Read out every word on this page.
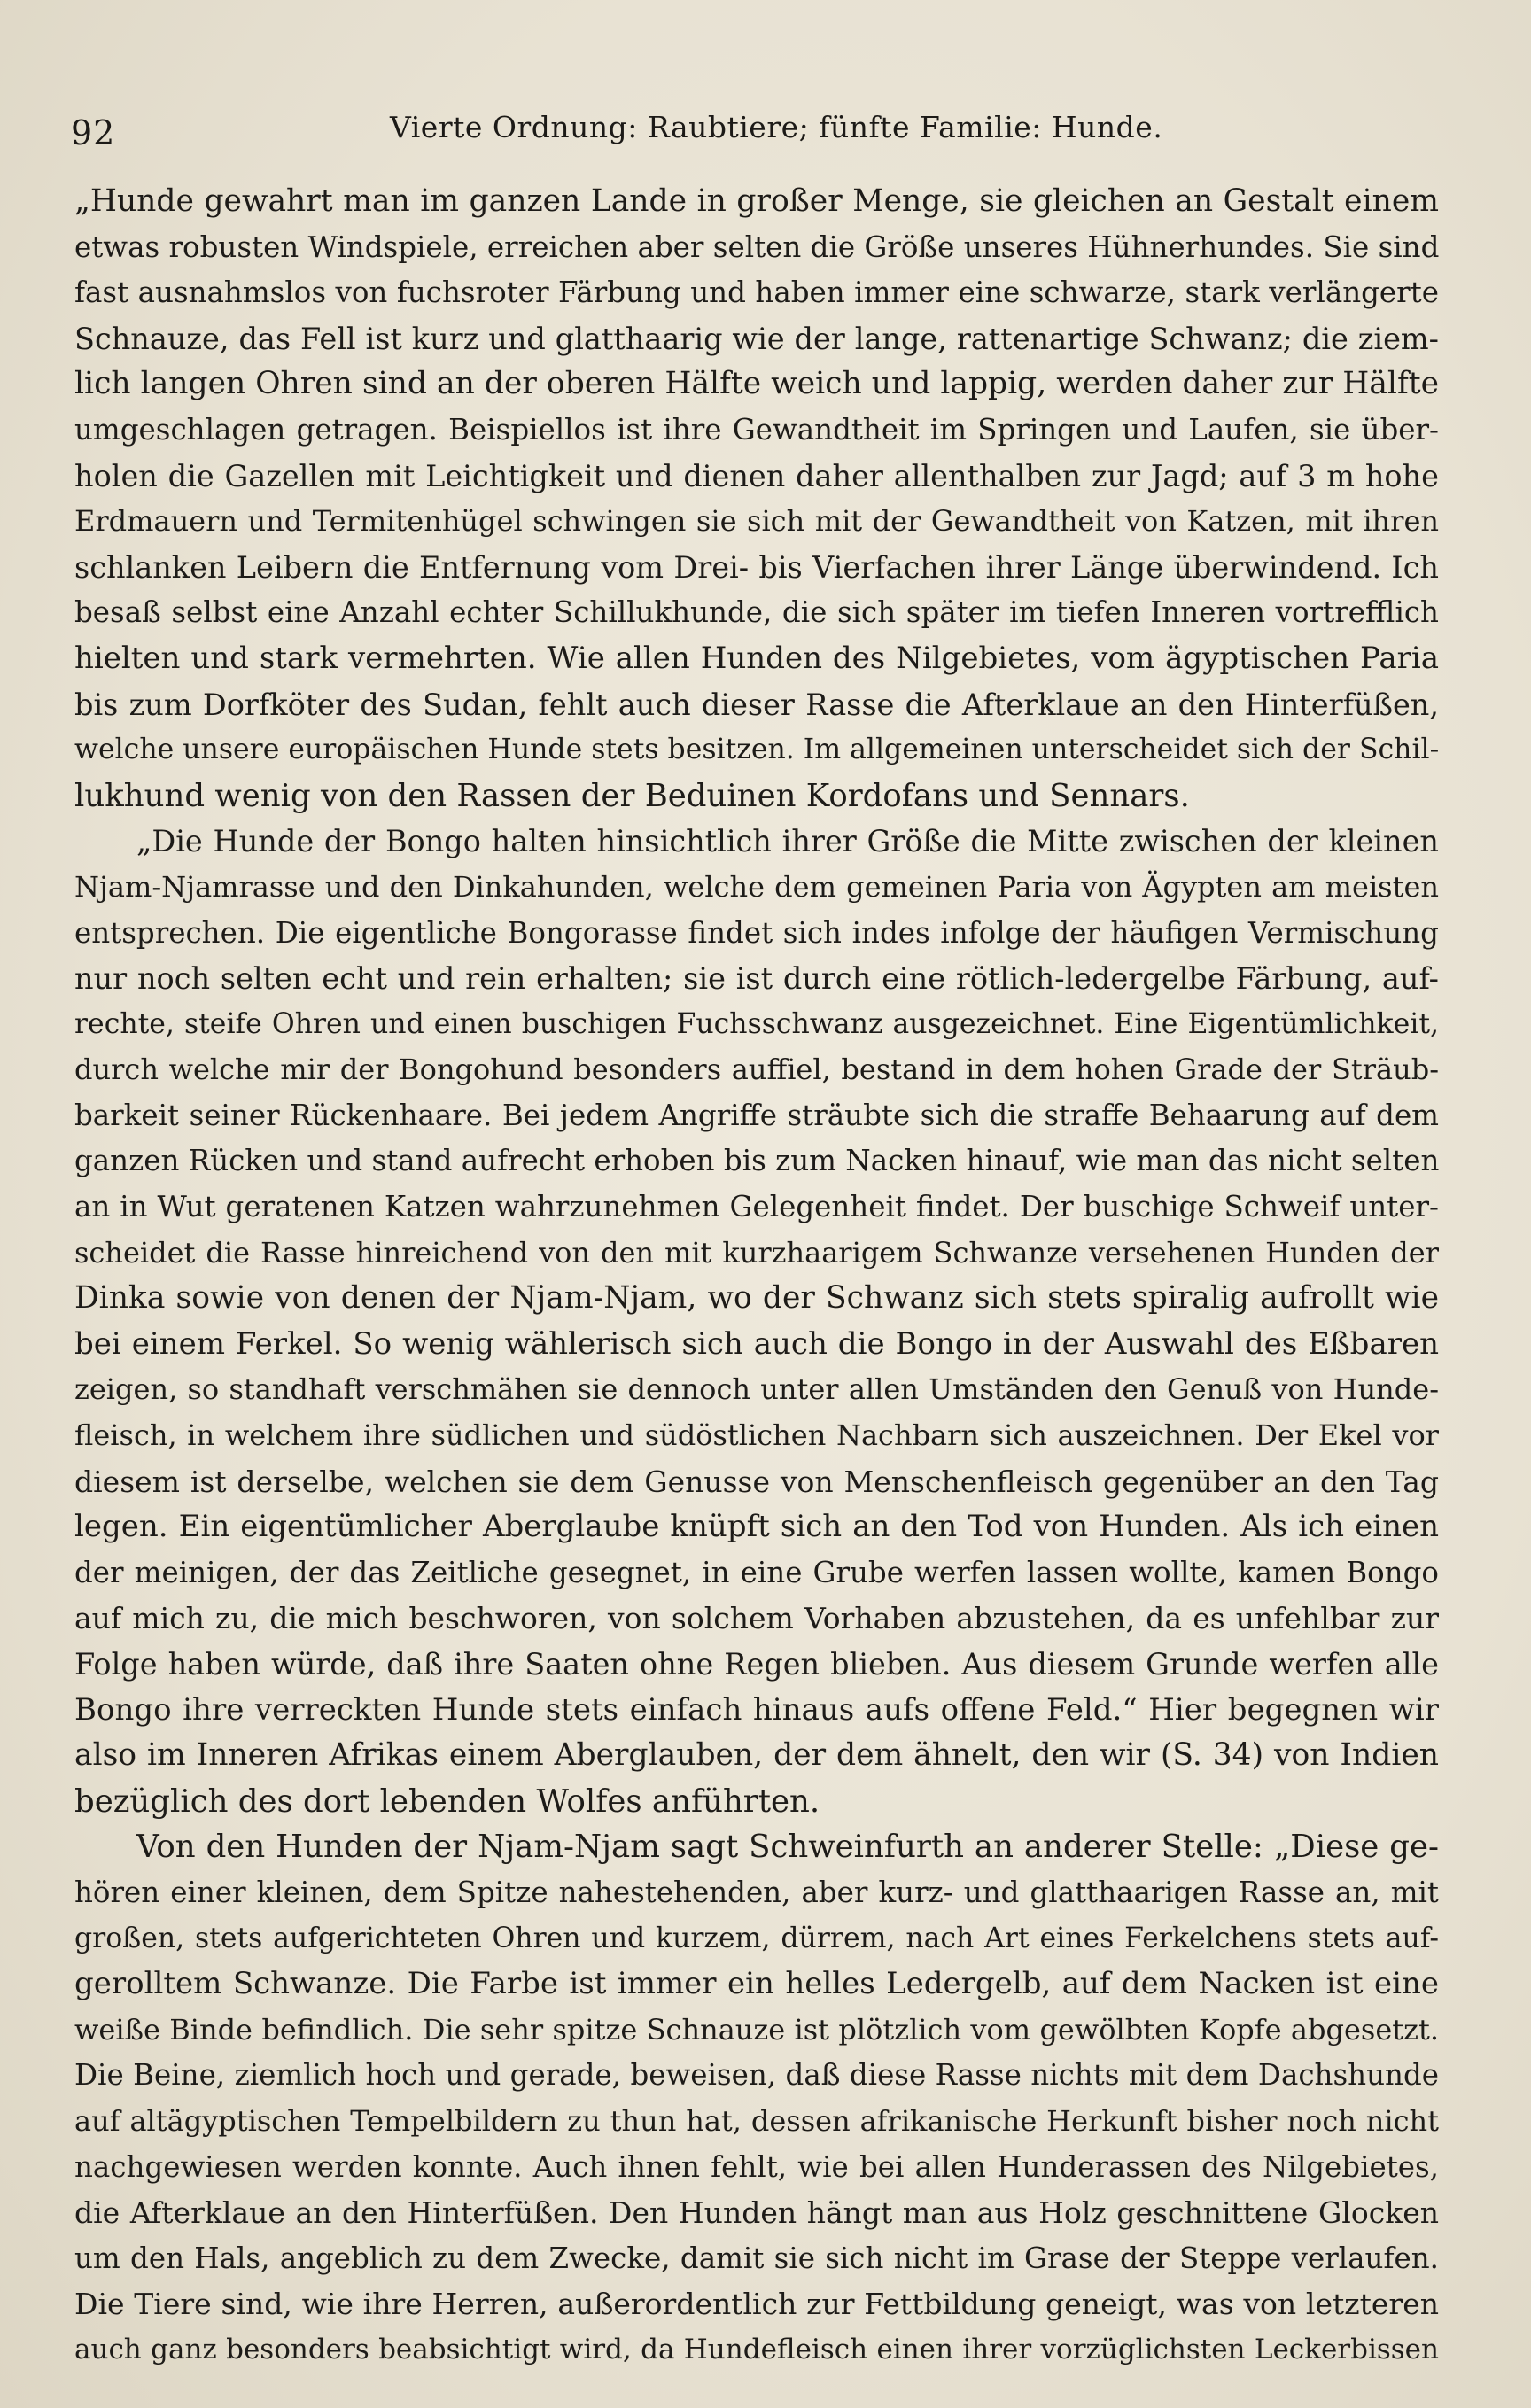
92	Vierte Ordnung: Raubtiere; fünfte Familie: Hunde.

„Hunde gewahrt man im ganzen Lande in großer Menge, sie gleichen an Gestalt einem
etwas robusten Windspiele, erreichen aber selten die Größe unseres Hühnerhundes. Sie sind
fast ausnahmslos von fuchsroter Färbung und haben immer eine schwarze, stark verlängerte
Schnauze, das Fell ist kurz und glatthaarig wie der lange, rattenartige Schwanz; die ziem-
lich langen Ohren sind an der oberen Hälfte weich und lappig, werden daher zur Hälfte
umgeschlagen getragen. Beispiellos ist ihre Gewandtheit im Springen und Laufen, sie über-
holen die Gazellen mit Leichtigkeit und dienen daher allenthalben zur Jagd; auf 3 m hohe
Erdmauern und Termitenhügel schwingen sie sich mit der Gewandtheit von Katzen, mit ihren
schlanken Leibern die Entfernung vom Drei- bis Vierfachen ihrer Länge überwindend. Ich
besaß selbst eine Anzahl echter Schillukhunde, die sich später im tiefen Inneren vortrefflich
hielten und stark vermehrten. Wie allen Hunden des Nilgebietes, vom ägyptischen Paria
bis zum Dorfköter des Sudan, fehlt auch dieser Rasse die Afterklaue an den Hinterfüßen,
welche unsere europäischen Hunde stets besitzen. Im allgemeinen unterscheidet sich der Schil-
lukhund wenig von den Rassen der Beduinen Kordofans und Sennars.

„Die Hunde der Bongo halten hinsichtlich ihrer Größe die Mitte zwischen der kleinen
Njam-Njamrasse und den Dinkahunden, welche dem gemeinen Paria von Ägypten am meisten
entsprechen. Die eigentliche Bongorasse findet sich indes infolge der häufigen Vermischung
nur noch selten echt und rein erhalten; sie ist durch eine rötlich-ledergelbe Färbung, auf-
rechte, steife Ohren und einen buschigen Fuchsschwanz ausgezeichnet. Eine Eigentümlichkeit,
durch welche mir der Bongohund besonders auffiel, bestand in dem hohen Grade der Sträub-
barkeit seiner Rückenhaare. Bei jedem Angriffe sträubte sich die straffe Behaarung auf dem
ganzen Rücken und stand aufrecht erhoben bis zum Nacken hinauf, wie man das nicht selten
an in Wut geratenen Katzen wahrzunehmen Gelegenheit findet. Der buschige Schweif unter-
scheidet die Rasse hinreichend von den mit kurzhaarigem Schwanze versehenen Hunden der
Dinka sowie von denen der Njam-Njam, wo der Schwanz sich stets spiralig aufrollt wie
bei einem Ferkel. So wenig wählerisch sich auch die Bongo in der Auswahl des Eßbaren
zeigen, so standhaft verschmähen sie dennoch unter allen Umständen den Genuß von Hunde-
fleisch, in welchem ihre südlichen und südöstlichen Nachbarn sich auszeichnen. Der Ekel vor
diesem ist derselbe, welchen sie dem Genusse von Menschenfleisch gegenüber an den Tag
legen. Ein eigentümlicher Aberglaube knüpft sich an den Tod von Hunden. Als ich einen
der meinigen, der das Zeitliche gesegnet, in eine Grube werfen lassen wollte, kamen Bongo
auf mich zu, die mich beschworen, von solchem Vorhaben abzustehen, da es unfehlbar zur
Folge haben würde, daß ihre Saaten ohne Regen blieben. Aus diesem Grunde werfen alle
Bongo ihre verreckten Hunde stets einfach hinaus aufs offene Feld.“ Hier begegnen wir
also im Inneren Afrikas einem Aberglauben, der dem ähnelt, den wir (S. 34) von Indien
bezüglich des dort lebenden Wolfes anführten.

Von den Hunden der Njam-Njam sagt Schweinfurth an anderer Stelle: „Diese ge-
hören einer kleinen, dem Spitze nahestehenden, aber kurz- und glatthaarigen Rasse an, mit
großen, stets aufgerichteten Ohren und kurzem, dürrem, nach Art eines Ferkelchens stets auf-
gerolltem Schwanze. Die Farbe ist immer ein helles Ledergelb, auf dem Nacken ist eine
weiße Binde befindlich. Die sehr spitze Schnauze ist plötzlich vom gewölbten Kopfe abgesetzt.
Die Beine, ziemlich hoch und gerade, beweisen, daß diese Rasse nichts mit dem Dachshunde
auf altägyptischen Tempelbildern zu thun hat, dessen afrikanische Herkunft bisher noch nicht
nachgewiesen werden konnte. Auch ihnen fehlt, wie bei allen Hunderassen des Nilgebietes,
die Afterklaue an den Hinterfüßen. Den Hunden hängt man aus Holz geschnittene Glocken
um den Hals, angeblich zu dem Zwecke, damit sie sich nicht im Grase der Steppe verlaufen.
Die Tiere sind, wie ihre Herren, außerordentlich zur Fettbildung geneigt, was von letzteren
auch ganz besonders beabsichtigt wird, da Hundefleisch einen ihrer vorzüglichsten Leckerbissen
